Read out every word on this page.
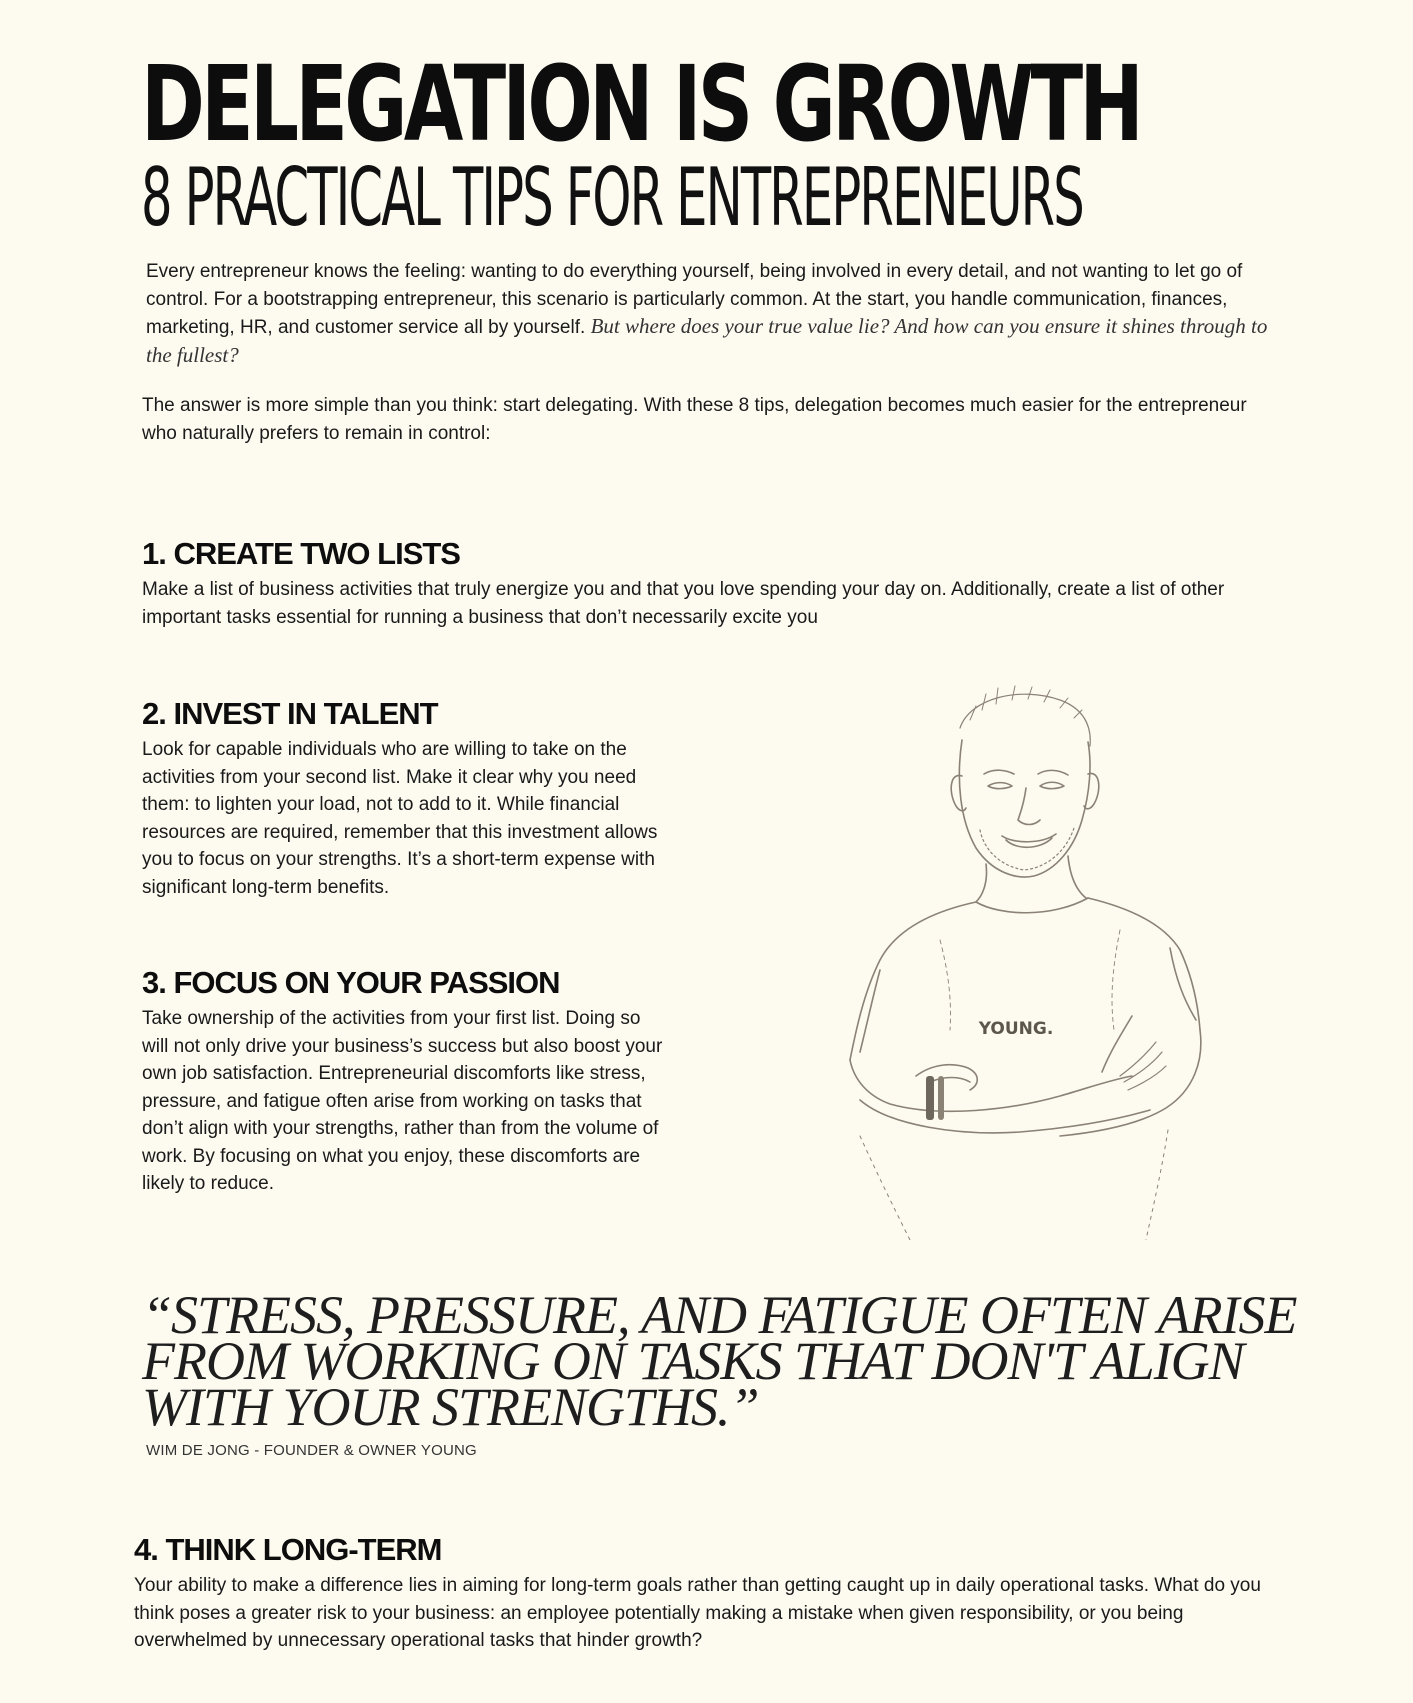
DELEGATION IS GROWTH
8 PRACTICAL TIPS FOR ENTREPRENEURS

Every entrepreneur knows the feeling: wanting to do everything yourself, being involved in every detail, and not wanting to let go of control. For a bootstrapping entrepreneur, this scenario is particularly common. At the start, you handle communication, finances, marketing, HR, and customer service all by yourself. But where does your true value lie? And how can you ensure it shines through to the fullest?

The answer is more simple than you think: start delegating. With these 8 tips, delegation becomes much easier for the entrepreneur who naturally prefers to remain in control:

1. CREATE TWO LISTS

Make a list of business activities that truly energize you and that you love spending your day on. Additionally, create a list of other important tasks essential for running a business that don’t necessarily excite you

2. INVEST IN TALENT

Look for capable individuals who are willing to take on the activities from your second list. Make it clear why you need them: to lighten your load, not to add to it. While financial resources are required, remember that this investment allows you to focus on your strengths. It’s a short-term expense with significant long-term benefits.

3. FOCUS ON YOUR PASSION

Take ownership of the activities from your first list. Doing so will not only drive your business’s success but also boost your own job satisfaction. Entrepreneurial discomforts like stress, pressure, and fatigue often arise from working on tasks that don’t align with your strengths, rather than from the volume of work. By focusing on what you enjoy, these discomforts are likely to reduce.

YOUNG.
“STRESS, PRESSURE, AND FATIGUE OFTEN ARISE FROM WORKING ON TASKS THAT DON'T ALIGN WITH YOUR STRENGTHS.”

WIM DE JONG - FOUNDER & OWNER YOUNG

4. THINK LONG-TERM

Your ability to make a difference lies in aiming for long-term goals rather than getting caught up in daily operational tasks. What do you think poses a greater risk to your business: an employee potentially making a mistake when given responsibility, or you being overwhelmed by unnecessary operational tasks that hinder growth?
